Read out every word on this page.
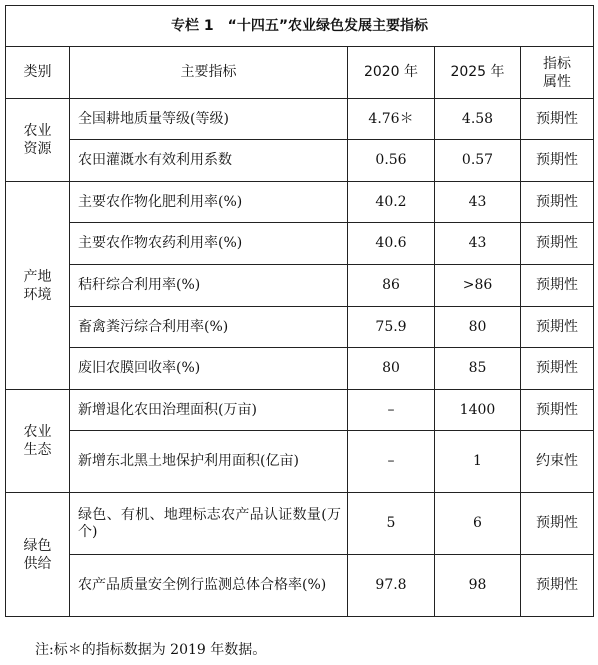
专栏 1　“十四五”农业绿色发展主要指标				
类别	主要指标	2020 年	2025 年	指标属性
农业资源	全国耕地质量等级(等级)	4.76＊	4.58	预期性
	农田灌溉水有效利用系数	0.56	0.57	预期性
产地环境	主要农作物化肥利用率(%)	40.2	43	预期性
	主要农作物农药利用率(%)	40.6	43	预期性
	秸秆综合利用率(%)	86	>86	预期性
	畜禽粪污综合利用率(%)	75.9	80	预期性
	废旧农膜回收率(%)	80	85	预期性
农业生态	新增退化农田治理面积(万亩)	–	1400	预期性
	新增东北黑土地保护利用面积(亿亩)	–	1	约束性
绿色供给	绿色、有机、地理标志农产品认证数量(万个)	5	6	预期性
	农产品质量安全例行监测总体合格率(%)	97.8	98	预期性
注:标＊的指标数据为 2019 年数据。
